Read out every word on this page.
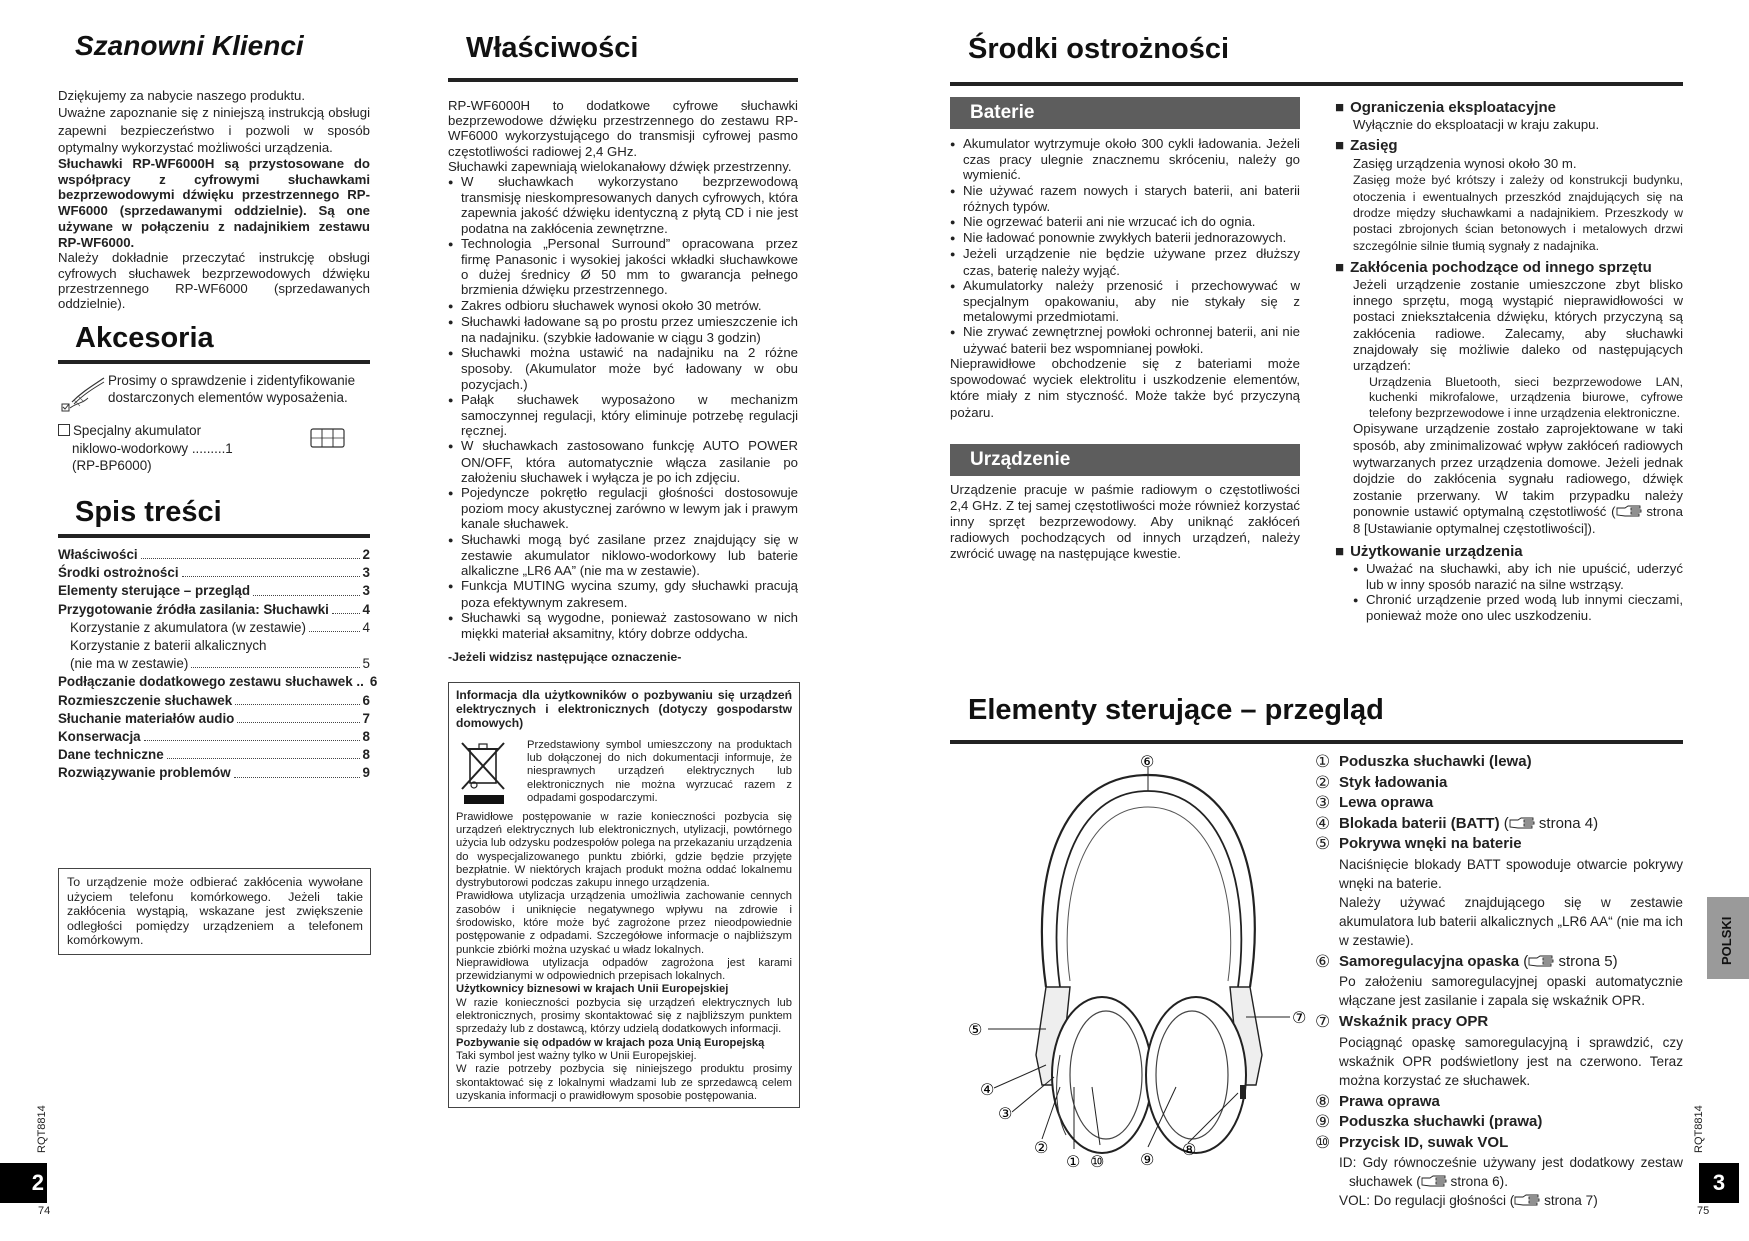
Szanowni Klienci

Dziękujemy za nabycie naszego produktu.

Uważne zapoznanie się z niniejszą instrukcją obsługi zapewni bezpieczeństwo i pozwoli w sposób optymalny wykorzystać możliwości urządzenia.

Słuchawki RP-WF6000H są przystosowane do współpracy z cyfrowymi słuchawkami bezprzewodowymi dźwięku przestrzennego RP-WF6000 (sprzedawanymi oddzielnie). Są one używane w połączeniu z nadajnikiem zestawu RP-WF6000.

Należy dokładnie przeczytać instrukcję obsługi cyfrowych słuchawek bezprzewodowych dźwięku przestrzennego RP-WF6000 (sprzedawanych oddzielnie).

Akcesoria

Prosimy o sprawdzenie i zidentyfikowanie dostarczonych elementów wyposażenia.

Specjalny akumulator
niklowo-wodorkowy .........1
(RP-BP6000)
Spis treści
Właściwości	2
Środki ostrożności	3
Elementy sterujące – przegląd	3
Przygotowanie źródła zasilania: Słuchawki	4
Korzystanie z akumulatora (w zestawie)	4
Korzystanie z baterii alkalicznych
(nie ma w zestawie)	5
Podłączanie dodatkowego zestawu słuchawek .. 6
Rozmieszczenie słuchawek	6
Słuchanie materiałów audio	7
Konserwacja	8
Dane techniczne	8
Rozwiązywanie problemów	9

To urządzenie może odbierać zakłócenia wywołane użyciem telefonu komórkowego. Jeżeli takie zakłócenia wystąpią, wskazane jest zwiększenie odległości pomiędzy urządzeniem a telefonem komórkowym.

Właściwości

RP-WF6000H to dodatkowe cyfrowe słuchawki bezprzewodowe dźwięku przestrzennego do zestawu RP-WF6000 wykorzystującego do transmisji cyfrowej pasmo częstotliwości radiowej 2,4 GHz.

Słuchawki zapewniają wielokanałowy dźwięk przestrzenny.

● W słuchawkach wykorzystano bezprzewodową transmisję nieskompresowanych danych cyfrowych, która zapewnia jakość dźwięku identyczną z płytą CD i nie jest podatna na zakłócenia zewnętrzne.
● Technologia „Personal Surround” opracowana przez firmę Panasonic i wysokiej jakości wkładki słuchawkowe o dużej średnicy Ø 50 mm to gwarancja pełnego brzmienia dźwięku przestrzennego.
● Zakres odbioru słuchawek wynosi około 30 metrów.
● Słuchawki ładowane są po prostu przez umieszczenie ich na nadajniku. (szybkie ładowanie w ciągu 3 godzin)
● Słuchawki można ustawić na nadajniku na 2 różne sposoby. (Akumulator może być ładowany w obu pozycjach.)
● Pałąk słuchawek wyposażono w mechanizm samoczynnej regulacji, który eliminuje potrzebę regulacji ręcznej.
● W słuchawkach zastosowano funkcję AUTO POWER ON/OFF, która automatycznie włącza zasilanie po założeniu słuchawek i wyłącza je po ich zdjęciu.
● Pojedyncze pokrętło regulacji głośności dostosowuje poziom mocy akustycznej zarówno w lewym jak i prawym kanale słuchawek.
● Słuchawki mogą być zasilane przez znajdujący się w zestawie akumulator niklowo-wodorkowy lub baterie alkaliczne „LR6 AA” (nie ma w zestawie).
● Funkcja MUTING wycina szumy, gdy słuchawki pracują poza efektywnym zakresem.
● Słuchawki są wygodne, ponieważ zastosowano w nich miękki materiał aksamitny, który dobrze oddycha.

-Jeżeli widzisz następujące oznaczenie-

Informacja dla użytkowników o pozbywaniu się urządzeń elektrycznych i elektronicznych (dotyczy gospodarstw domowych)

Przedstawiony symbol umieszczony na produktach lub dołączonej do nich dokumentacji informuje, że niesprawnych urządzeń elektrycznych lub elektronicznych nie można wyrzucać razem z odpadami gospodarczymi.

Prawidłowe postępowanie w razie konieczności pozbycia się urządzeń elektrycznych lub elektronicznych, utylizacji, powtórnego użycia lub odzysku podzespołów polega na przekazaniu urządzenia do wyspecjalizowanego punktu zbiórki, gdzie będzie przyjęte bezpłatnie. W niektórych krajach produkt można oddać lokalnemu dystrybutorowi podczas zakupu innego urządzenia.

Prawidłowa utylizacja urządzenia umożliwia zachowanie cennych zasobów i uniknięcie negatywnego wpływu na zdrowie i środowisko, które może być zagrożone przez nieodpowiednie postępowanie z odpadami. Szczegółowe informacje o najbliższym punkcie zbiórki można uzyskać u władz lokalnych.

Nieprawidłowa utylizacja odpadów zagrożona jest karami przewidzianymi w odpowiednich przepisach lokalnych.

Użytkownicy biznesowi w krajach Unii Europejskiej

W razie konieczności pozbycia się urządzeń elektrycznych lub elektronicznych, prosimy skontaktować się z najbliższym punktem sprzedaży lub z dostawcą, którzy udzielą dodatkowych informacji.

Pozbywanie się odpadów w krajach poza Unią Europejską

Taki symbol jest ważny tylko w Unii Europejskiej.

W razie potrzeby pozbycia się niniejszego produktu prosimy skontaktować się z lokalnymi władzami lub ze sprzedawcą celem uzyskania informacji o prawidłowym sposobie postępowania.

RQT8814
2
74
Środki ostrożności
Baterie
● Akumulator wytrzymuje około 300 cykli ładowania. Jeżeli czas pracy ulegnie znacznemu skróceniu, należy go wymienić.
● Nie używać razem nowych i starych baterii, ani baterii różnych typów.
● Nie ogrzewać baterii ani nie wrzucać ich do ognia.
● Nie ładować ponownie zwykłych baterii jednorazowych.
● Jeżeli urządzenie nie będzie używane przez dłuższy czas, baterię należy wyjąć.
● Akumulatorky należy przenosić i przechowywać w specjalnym opakowaniu, aby nie stykały się z metalowymi przedmiotami.
● Nie zrywać zewnętrznej powłoki ochronnej baterii, ani nie używać baterii bez wspomnianej powłoki.

Nieprawidłowe obchodzenie się z bateriami może spowodować wyciek elektrolitu i uszkodzenie elementów, które miały z nim styczność. Może także być przyczyną pożaru.

Urządzenie

Urządzenie pracuje w paśmie radiowym o częstotliwości 2,4 GHz. Z tej samej częstotliwości może również korzystać inny sprzęt bezprzewodowy. Aby uniknąć zakłóceń radiowych pochodzących od innych urządzeń, należy zwrócić uwagę na następujące kwestie.

■ Ograniczenia eksploatacyjne

Wyłącznie do eksploatacji w kraju zakupu.

■ Zasięg

Zasięg urządzenia wynosi około 30 m.

Zasięg może być krótszy i zależy od konstrukcji budynku, otoczenia i ewentualnych przeszkód znajdujących się na drodze między słuchawkami a nadajnikiem. Przeszkody w postaci zbrojonych ścian betonowych i metalowych drzwi szczególnie silnie tłumią sygnały z nadajnika.

■ Zakłócenia pochodzące od innego sprzętu

Jeżeli urządzenie zostanie umieszczone zbyt blisko innego sprzętu, mogą wystąpić nieprawidłowości w postaci zniekształcenia dźwięku, których przyczyną są zakłócenia radiowe. Zalecamy, aby słuchawki znajdowały się możliwie daleko od następujących urządzeń:

Urządzenia Bluetooth, sieci bezprzewodowe LAN, kuchenki mikrofalowe, urządzenia biurowe, cyfrowe telefony bezprzewodowe i inne urządzenia elektroniczne.

Opisywane urządzenie zostało zaprojektowane w taki sposób, aby zminimalizować wpływ zakłóceń radiowych wytwarzanych przez urządzenia domowe. Jeżeli jednak dojdzie do zakłócenia sygnału radiowego, dźwięk zostanie przerwany. W takim przypadku należy ponownie ustawić optymalną częstotliwość ( strona 8 [Ustawianie optymalnej częstotliwości]).

■ Użytkowanie urządzenia
● Uważać na słuchawki, aby ich nie upuścić, uderzyć lub w inny sposób narazić na silne wstrząsy.
● Chronić urządzenie przed wodą lub innymi cieczami, ponieważ może ono ulec uszkodzeniu.
Elementy sterujące – przegląd
⑥
⑤
⑦
④
③
②
① ⑩ ⑨
⑧
① Poduszka słuchawki (lewa)
② Styk ładowania
③ Lewa oprawa
④ Blokada baterii (BATT) ( strona 4)
⑤ Pokrywa wnęki na baterie

Naciśnięcie blokady BATT spowoduje otwarcie pokrywy wnęki na baterie.

Należy używać znajdującego się w zestawie akumulatora lub baterii alkalicznych „LR6 AA“ (nie ma ich w zestawie).

⑥ Samoregulacyjna opaska ( strona 5)

Po założeniu samoregulacyjnej opaski automatycznie włączane jest zasilanie i zapala się wskaźnik OPR.

⑦ Wskaźnik pracy OPR

Pociągnąć opaskę samoregulacyjną i sprawdzić, czy wskaźnik OPR podświetlony jest na czerwono. Teraz można korzystać ze słuchawek.

⑧ Prawa oprawa
⑨ Poduszka słuchawki (prawa)
⑩ Przycisk ID, suwak VOL

ID: Gdy równocześnie używany jest dodatkowy zestaw słuchawek ( strona 6).

VOL: Do regulacji głośności ( strona 7)

POLSKI
RQT8814
3
75
